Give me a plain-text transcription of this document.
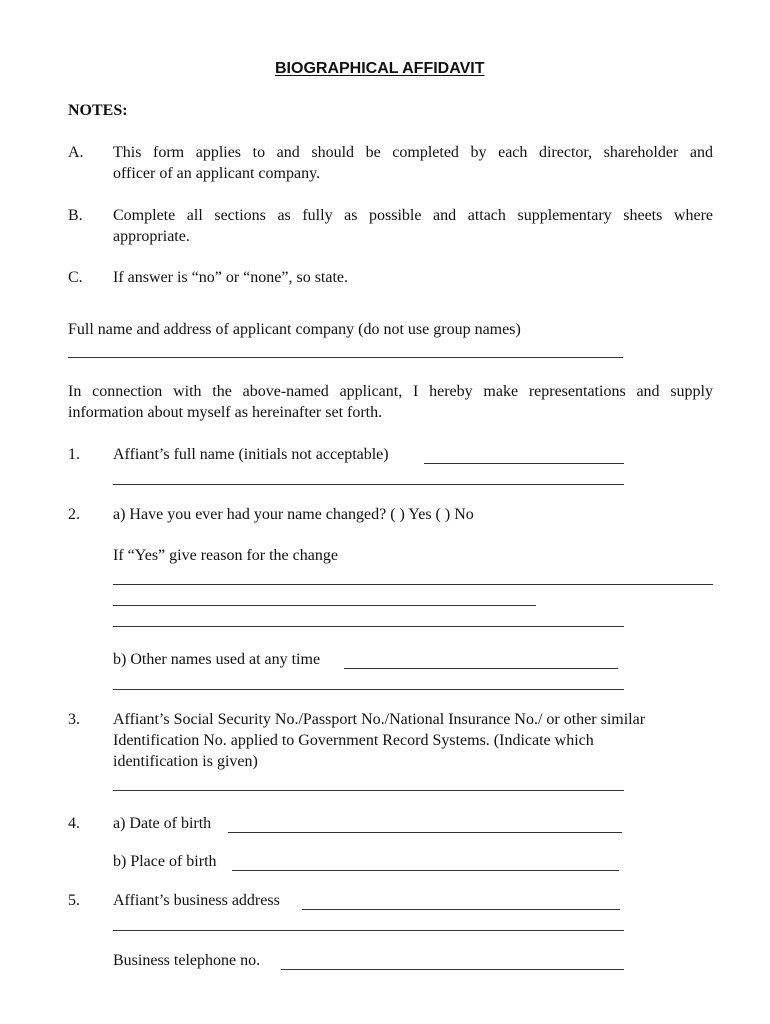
BIOGRAPHICAL AFFIDAVIT
NOTES:
A. This form applies to and should be completed by each director, shareholder and
officer of an applicant company.
B. Complete all sections as fully as possible and attach supplementary sheets where
appropriate.
C. If answer is “no” or “none”, so state.
Full name and address of applicant company (do not use group names)
In connection with the above-named applicant, I hereby make representations and supply
information about myself as hereinafter set forth.
1. Affiant’s full name (initials not acceptable)
2. a) Have you ever had your name changed? ( ) Yes ( ) No
If “Yes” give reason for the change
b) Other names used at any time
3. Affiant’s Social Security No./Passport No./National Insurance No./ or other similar
Identification No. applied to Government Record Systems. (Indicate which
identification is given)
4. a) Date of birth
b) Place of birth
5. Affiant’s business address
Business telephone no.
